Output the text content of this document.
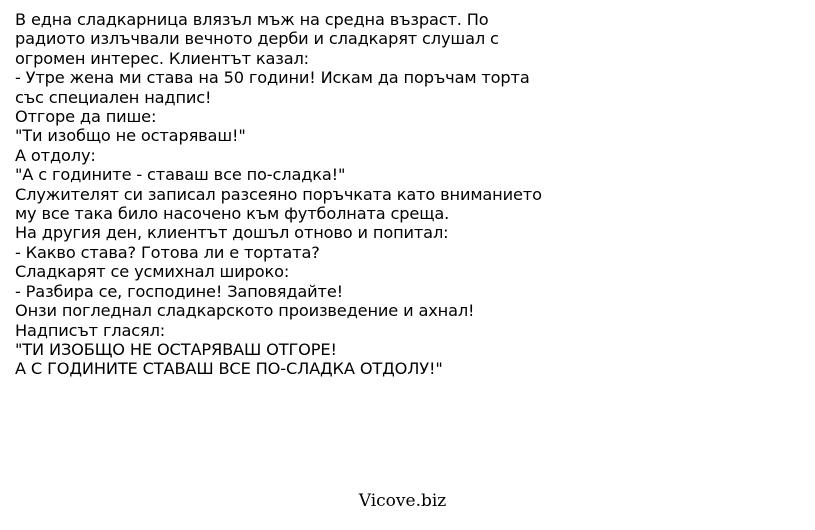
В една сладкарница влязъл мъж на средна възраст. По
радиото излъчвали вечното дерби и сладкарят слушал с
огромен интерес. Клиентът казал:
- Утре жена ми става на 50 години! Искам да поръчам торта
със специален надпис!
Отгоре да пише:
"Ти изобщо не остаряваш!"
А отдолу:
"А с годините - ставаш все по-сладка!"
Служителят си записал разсеяно поръчката като вниманието
му все така било насочено към футболната среща.
На другия ден, клиентът дошъл отново и попитал:
- Какво става? Готова ли е тортата?
Сладкарят се усмихнал широко:
- Разбира се, господине! Заповядайте!
Онзи погледнал сладкарското произведение и ахнал!
Надписът гласял:
"ТИ ИЗОБЩО НЕ ОСТАРЯВАШ ОТГОРЕ!
А С ГОДИНИТЕ СТАВАШ ВСЕ ПО-СЛАДКА ОТДОЛУ!"
Vicove.biz
